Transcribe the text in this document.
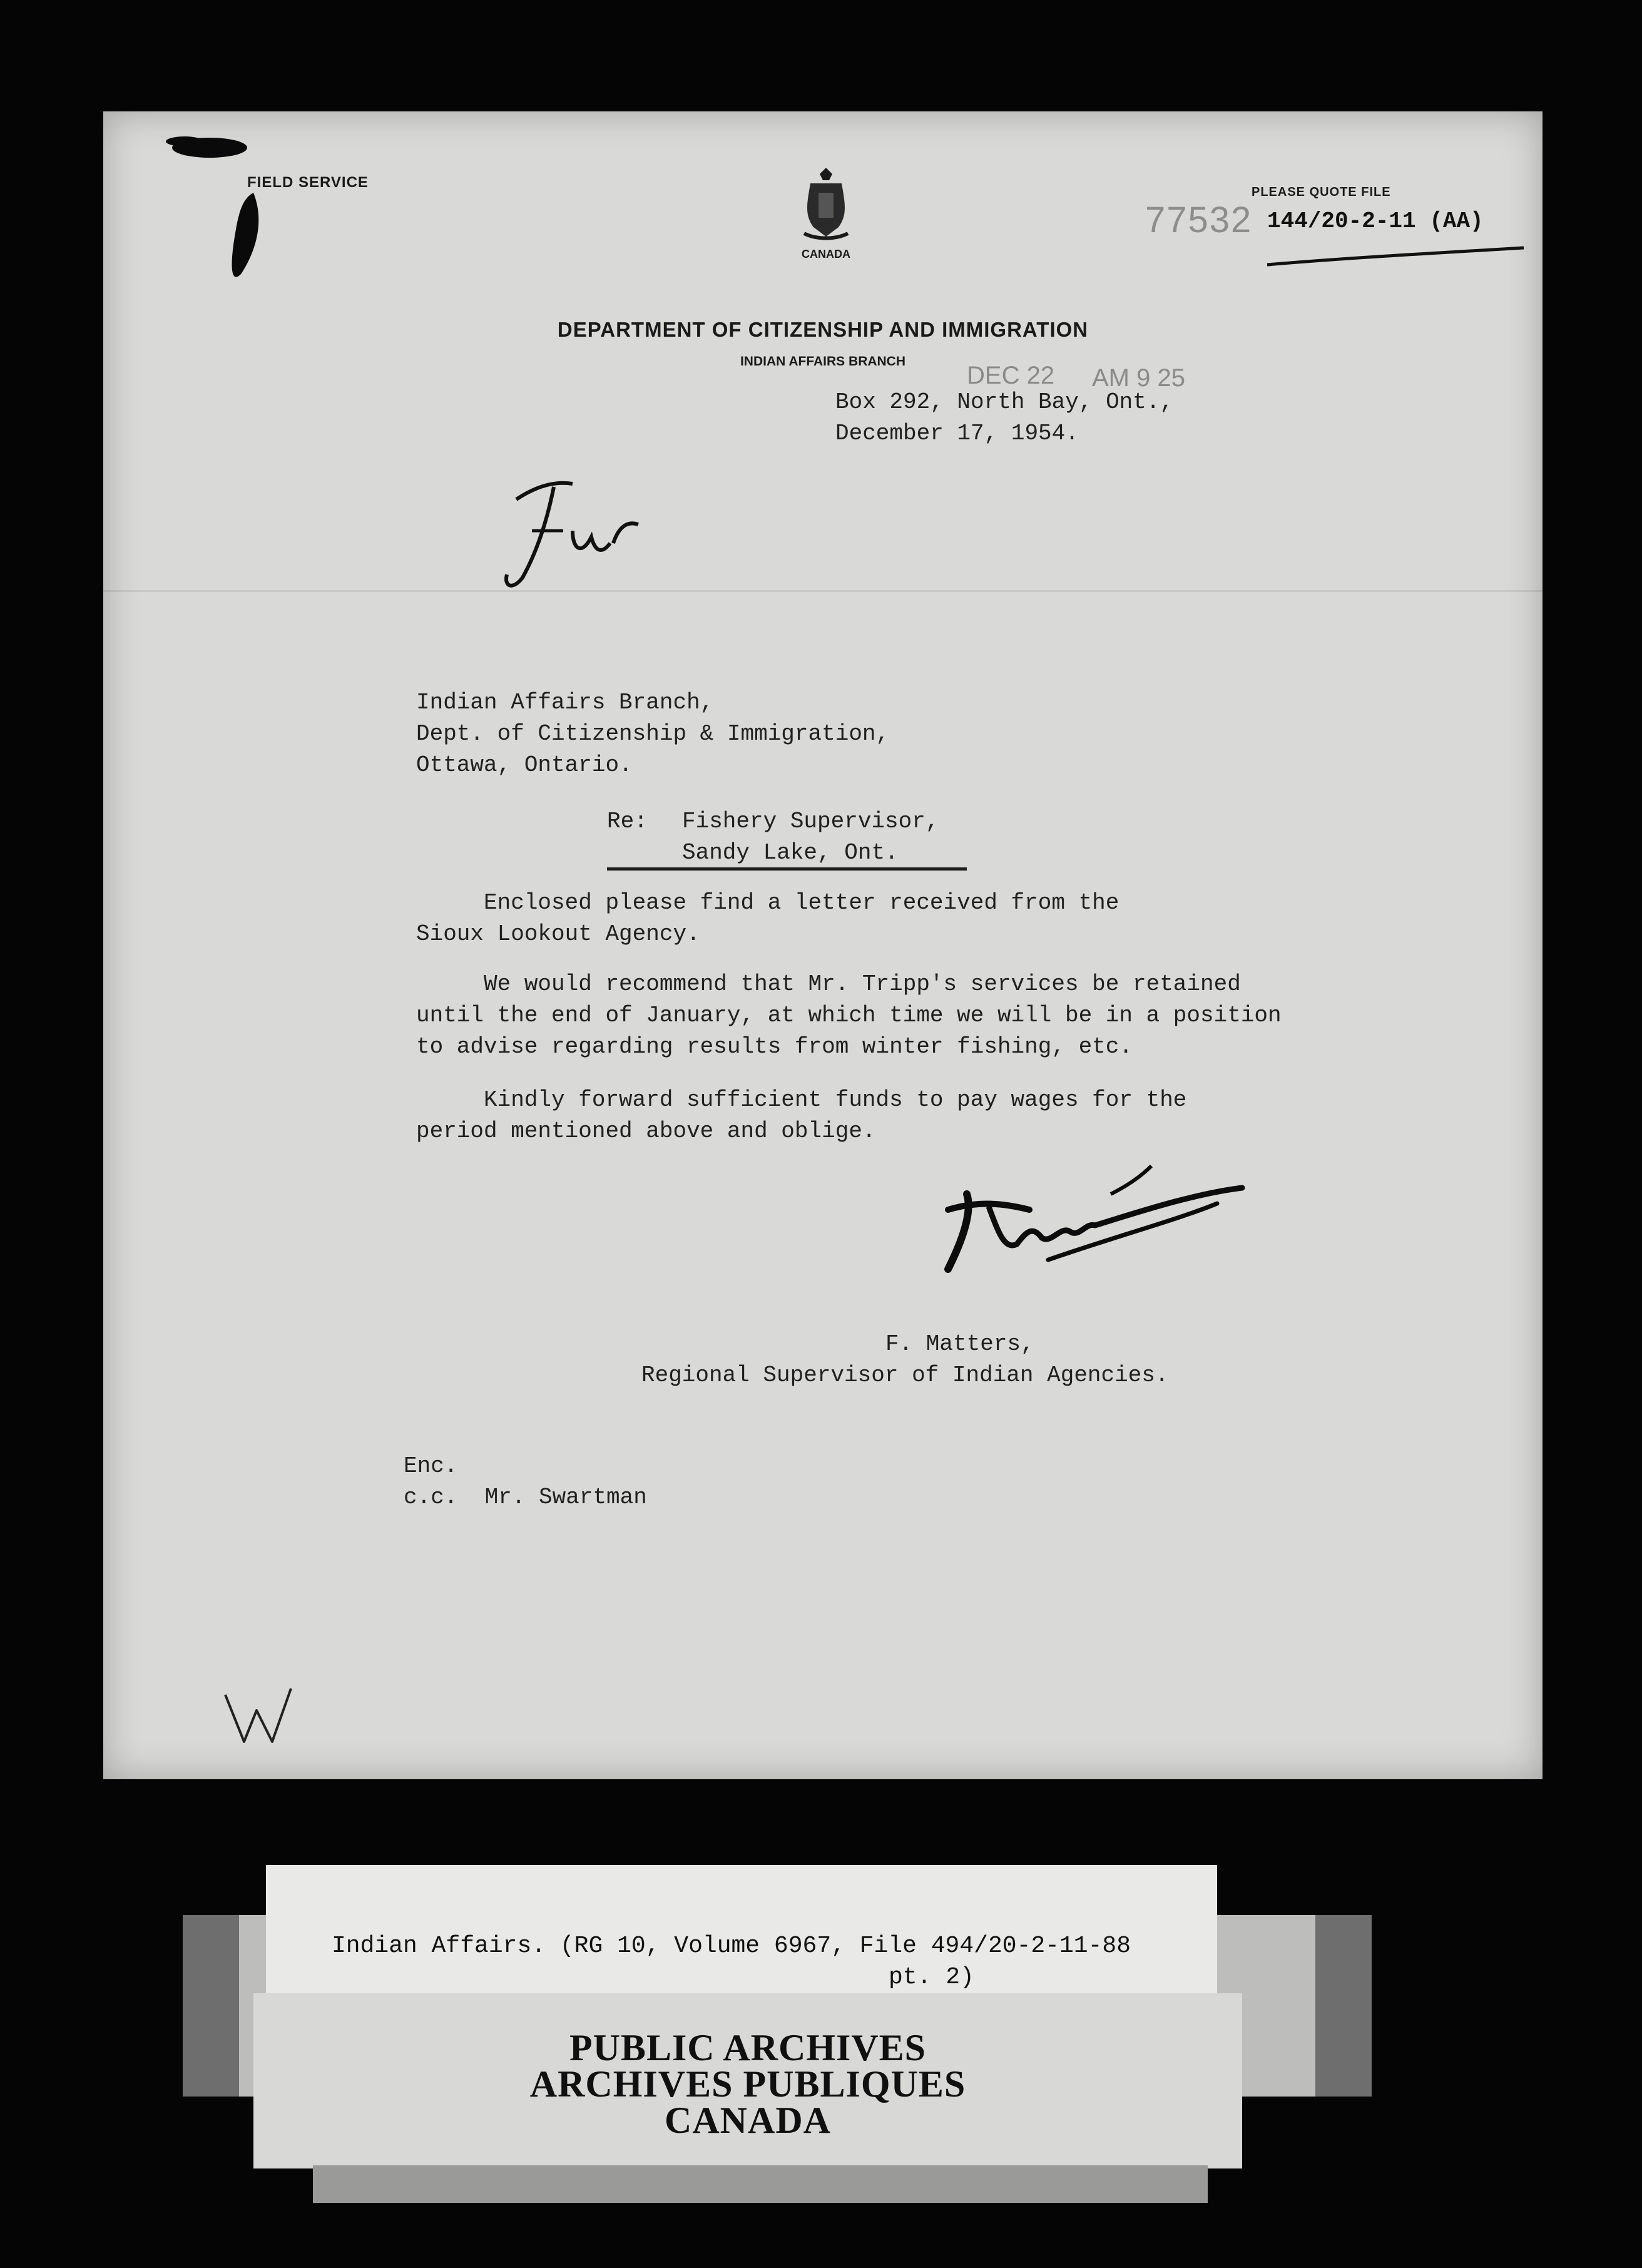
FIELD SERVICE
CANADA
PLEASE QUOTE FILE
77532 144/20-2-11 (AA)
DEPARTMENT OF CITIZENSHIP AND IMMIGRATION
INDIAN AFFAIRS BRANCH
DEC 22 AM 9 25
Box 292, North Bay, Ont.,
December 17, 1954.
Fur
Indian Affairs Branch,
Dept. of Citizenship & Immigration,
Ottawa, Ontario.
Re: Fishery Supervisor,
Sandy Lake, Ont.
Enclosed please find a letter received from the
Sioux Lookout Agency.
We would recommend that Mr. Tripp's services be retained
until the end of January, at which time we will be in a position
to advise regarding results from winter fishing, etc.
Kindly forward sufficient funds to pay wages for the
period mentioned above and oblige.
FMatters
F. Matters,
Regional Supervisor of Indian Agencies.
Enc.
c.c.  Mr. Swartman
W
Indian Affairs. (RG 10, Volume 6967, File 494/20-2-11-88
pt. 2)
PUBLIC ARCHIVES
ARCHIVES PUBLIQUES
CANADA
